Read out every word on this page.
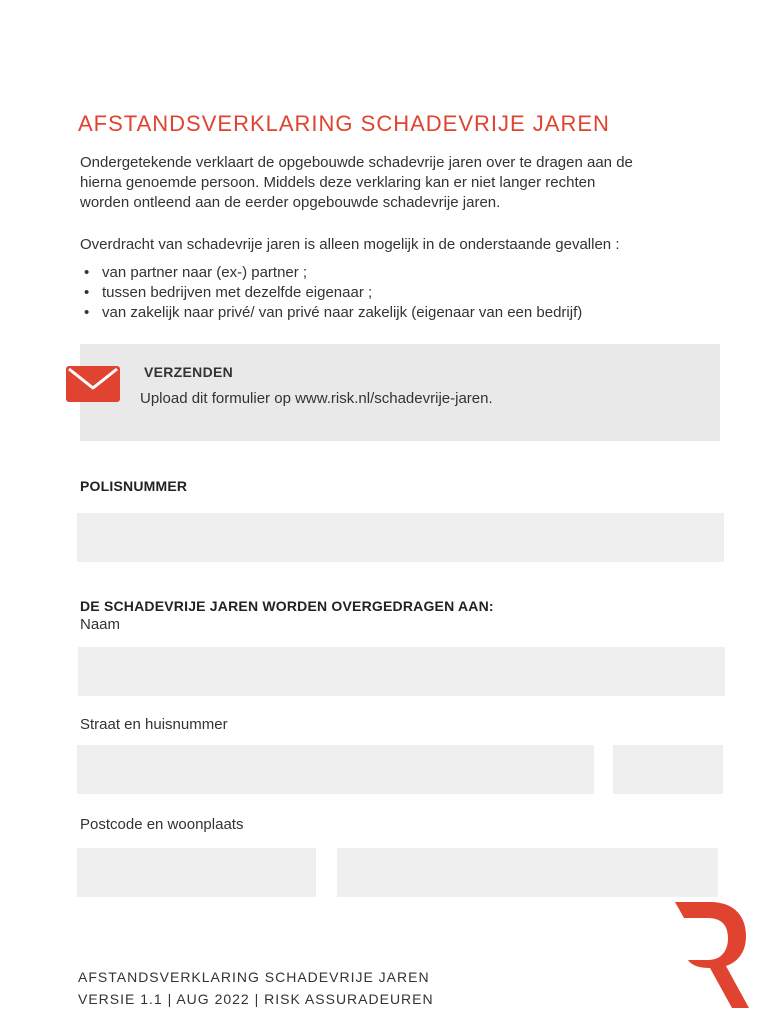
AFSTANDSVERKLARING SCHADEVRIJE JAREN
Ondergetekende verklaart de opgebouwde schadevrije jaren over te dragen aan de
hierna genoemde persoon. Middels deze verklaring kan er niet langer rechten
worden ontleend aan de eerder opgebouwde schadevrije jaren.
Overdracht van schadevrije jaren is alleen mogelijk in de onderstaande gevallen :
• van partner naar (ex-) partner ;
• tussen bedrijven met dezelfde eigenaar ;
• van zakelijk naar privé/ van privé naar zakelijk (eigenaar van een bedrijf)
VERZENDEN
Upload dit formulier op www.risk.nl/schadevrije-jaren.
POLISNUMMER
DE SCHADEVRIJE JAREN WORDEN OVERGEDRAGEN AAN:
Naam
Straat en huisnummer
Postcode en woonplaats
AFSTANDSVERKLARING SCHADEVRIJE JAREN
VERSIE 1.1 | AUG 2022 | RISK ASSURADEUREN
